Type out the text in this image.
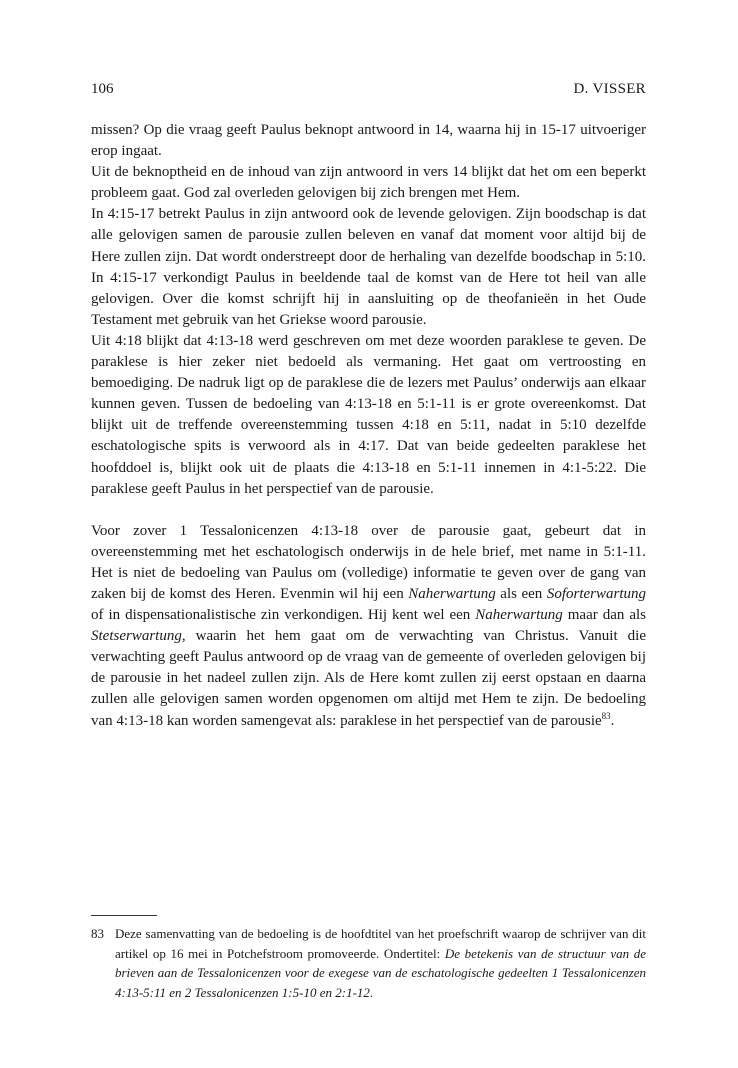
106	D. VISSER

missen? Op die vraag geeft Paulus beknopt antwoord in 14, waarna hij in 15-17 uitvoeriger erop ingaat.

Uit de beknoptheid en de inhoud van zijn antwoord in vers 14 blijkt dat het om een beperkt probleem gaat. God zal overleden gelovigen bij zich brengen met Hem.

In 4:15-17 betrekt Paulus in zijn antwoord ook de levende gelovigen. Zijn boodschap is dat alle gelovigen samen de parousie zullen beleven en vanaf dat moment voor altijd bij de Here zullen zijn. Dat wordt onderstreept door de herhaling van dezelfde boodschap in 5:10. In 4:15-17 verkondigt Paulus in beeldende taal de komst van de Here tot heil van alle gelovigen. Over die komst schrijft hij in aansluiting op de theofanieën in het Oude Testament met gebruik van het Griekse woord parousie.

Uit 4:18 blijkt dat 4:13-18 werd geschreven om met deze woorden paraklese te geven. De paraklese is hier zeker niet bedoeld als vermaning. Het gaat om vertroosting en bemoediging. De nadruk ligt op de paraklese die de lezers met Paulus’ onderwijs aan elkaar kunnen geven. Tussen de bedoeling van 4:13-18 en 5:1-11 is er grote overeenkomst. Dat blijkt uit de treffende overeenstemming tussen 4:18 en 5:11, nadat in 5:10 dezelfde eschatologische spits is verwoord als in 4:17. Dat van beide gedeelten paraklese het hoofddoel is, blijkt ook uit de plaats die 4:13-18 en 5:1-11 innemen in 4:1-5:22. Die paraklese geeft Paulus in het perspectief van de parousie.

Voor zover 1 Tessalonicenzen 4:13-18 over de parousie gaat, gebeurt dat in overeenstemming met het eschatologisch onderwijs in de hele brief, met name in 5:1-11. Het is niet de bedoeling van Paulus om (volledige) informatie te geven over de gang van zaken bij de komst des Heren. Evenmin wil hij een Naherwartung als een Soforterwartung of in dispensationalistische zin verkondigen. Hij kent wel een Naherwartung maar dan als Stetserwartung, waarin het hem gaat om de verwachting van Christus. Vanuit die verwachting geeft Paulus antwoord op de vraag van de gemeente of overleden gelovigen bij de parousie in het nadeel zullen zijn. Als de Here komt zullen zij eerst opstaan en daarna zullen alle gelovigen samen worden opgenomen om altijd met Hem te zijn. De bedoeling van 4:13-18 kan worden samengevat als: paraklese in het perspectief van de parousie$^{83}$.

83 Deze samenvatting van de bedoeling is de hoofdtitel van het proefschrift waarop de schrijver van dit artikel op 16 mei in Potchefstroom promoveerde. Ondertitel: De betekenis van de structuur van de brieven aan de Tessalonicenzen voor de exegese van de eschatologische gedeelten 1 Tessalonicenzen 4:13-5:11 en 2 Tessalonicenzen 1:5-10 en 2:1-12.
